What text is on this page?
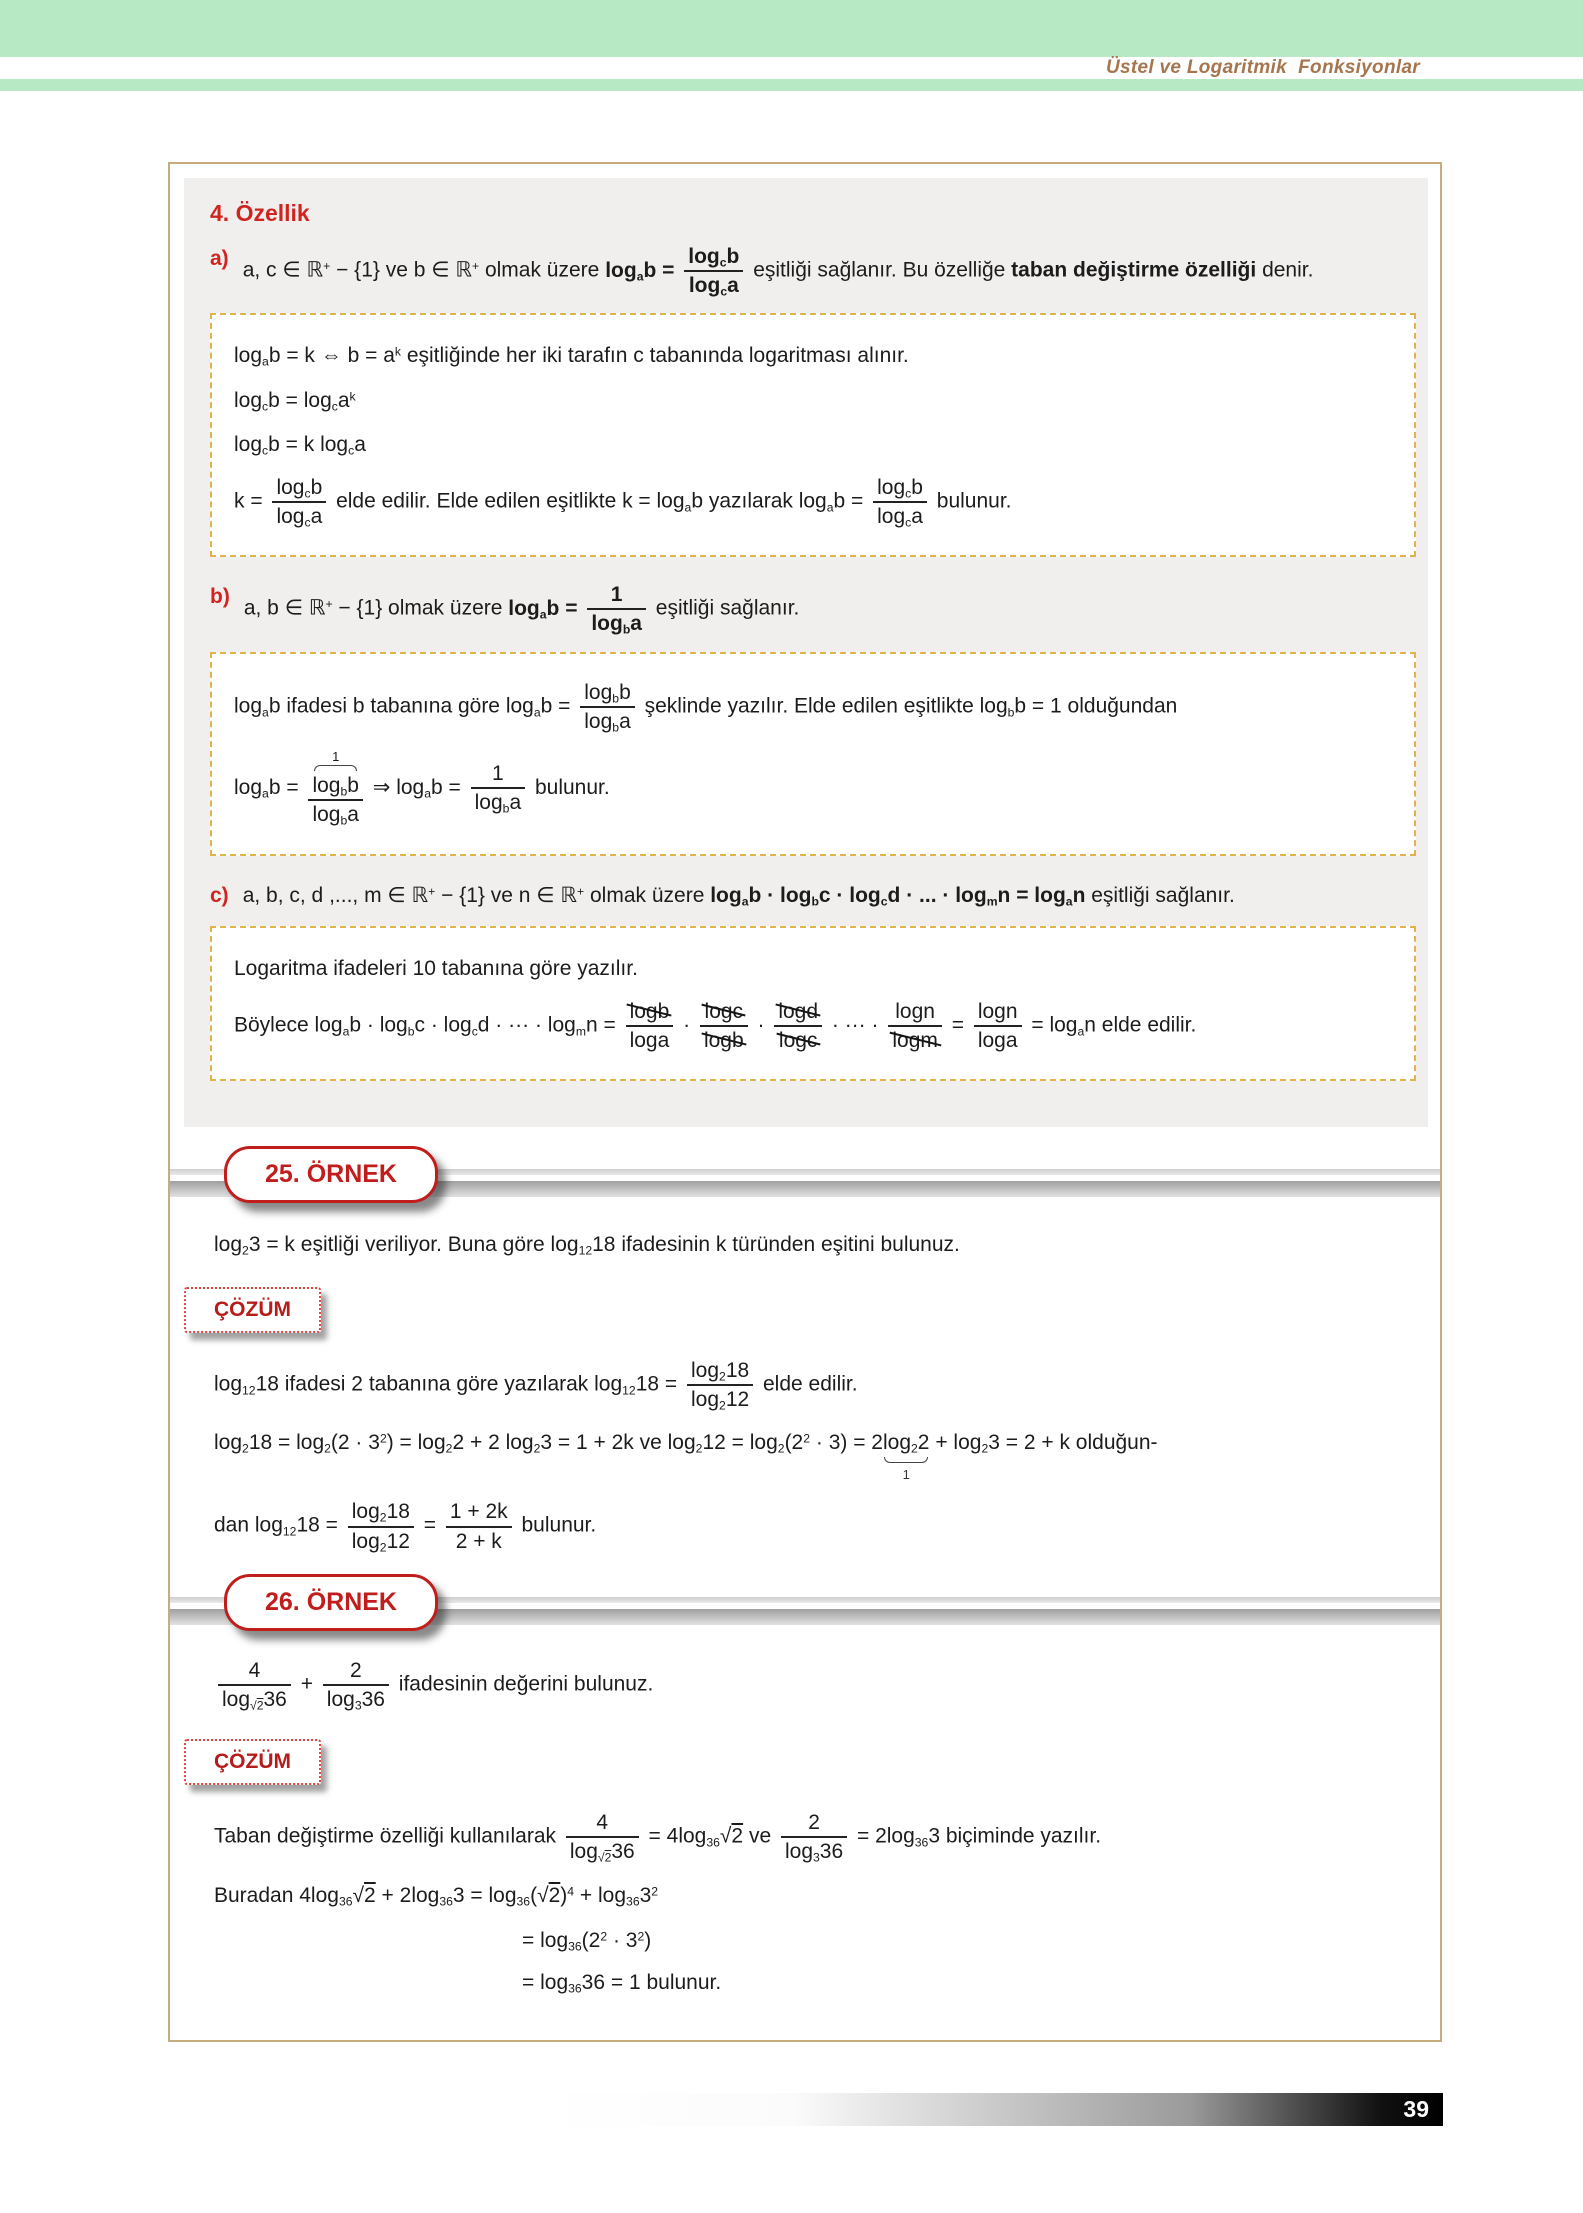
Üstel ve Logaritmik  Fonksiyonlar
4. Özellik
a)
a, c ∈ ℝ+ − {1} ve b ∈ ℝ+ olmak üzere $\log_ab = \frac{\log_cb}{\log_ca}$ eşitliği sağlanır. Bu özelliğe taban değiştirme özelliği denir.
$\log_ab = k$ ⇔ $b = a^k$ eşitliğinde her iki tarafın c tabanında logaritması alınır.
$\log_cb = \log_ca^k$
$\log_cb = k$ $\log_ca$
$k = \frac{\log_cb}{\log_ca}$ elde edilir. Elde edilen eşitlikte $k = \log_ab$ yazılarak $\log_ab = \frac{\log_cb}{\log_ca}$ bulunur.
b)
a, b ∈ ℝ+ − {1} olmak üzere $\log_ab = \frac{1}{\log_ba}$ eşitliği sağlanır.
$\log_ab$ ifadesi b tabanına göre $\log_ab = \frac{\log_bb}{\log_ba}$ şeklinde yazılır. Elde edilen eşitlikte $\log_bb = 1$ olduğundan
$\log_ab = 1$
$\log_bb$
$\log_ba$ ⇒ $\log_ab = \frac{1}{\log_ba}$ bulunur.
c) a, b, c, d ,..., m ∈ ℝ+ − {1} ve n ∈ ℝ+ olmak üzere $\log_ab \cdot \log_bc \cdot \log_cd$ · ... · $\log_mn = \log_an$ eşitliği sağlanır.
Logaritma ifadeleri 10 tabanına göre yazılır.
Böylece $\log_ab \cdot \log_bc \cdot \log_cd$ · ··· · $\log_mn = \frac{\log b}{\log a} \cdot \frac{\log c}{\log b} \cdot \frac{\log d}{\log c}$ · ··· · $\frac{\log n}{\log m} = \frac{\log n}{\log a} = \log_an$ elde edilir.
25. ÖRNEK
$\log_23 = k$ eşitliği veriliyor. Buna göre $\log_{12}18$ ifadesinin k türünden eşitini bulunuz.
ÇÖZÜM
$\log_{12}18$ ifadesi 2 tabanına göre yazılarak $\log_{12}18 = \frac{\log_218}{\log_212}$ elde edilir.
$\log_218 = \log_2(2 \cdot 3^2) = \log_22 + 2$ $\log_23 = 1 + 2k$ ve $\log_212 = \log_2(2^2 \cdot 3) = 2\log_22$
1
+ $\log_23 = 2 + k$ olduğun-
dan $\log_{12}18 = \frac{\log_218}{\log_212} = \frac{1 + 2k}{2 + k}$ bulunur.
26. ÖRNEK
$\frac{4}{\log_{√2}36} + \frac{2}{\log_336}$ ifadesinin değerini bulunuz.
ÇÖZÜM
Taban değiştirme özelliği kullanılarak $\frac{4}{\log_{√2}36} = 4\log_{36}√2$ ve $\frac{2}{\log_336} = 2\log_{36}3$ biçiminde yazılır.
Buradan $4\log_{36}√2 + 2\log_{36}3 = \log_{36}(√2)^4 + \log_{36}3^2$
= $\log_{36}(2^2 \cdot 3^2)$
= $\log_{36}36 = 1$ bulunur.
39
